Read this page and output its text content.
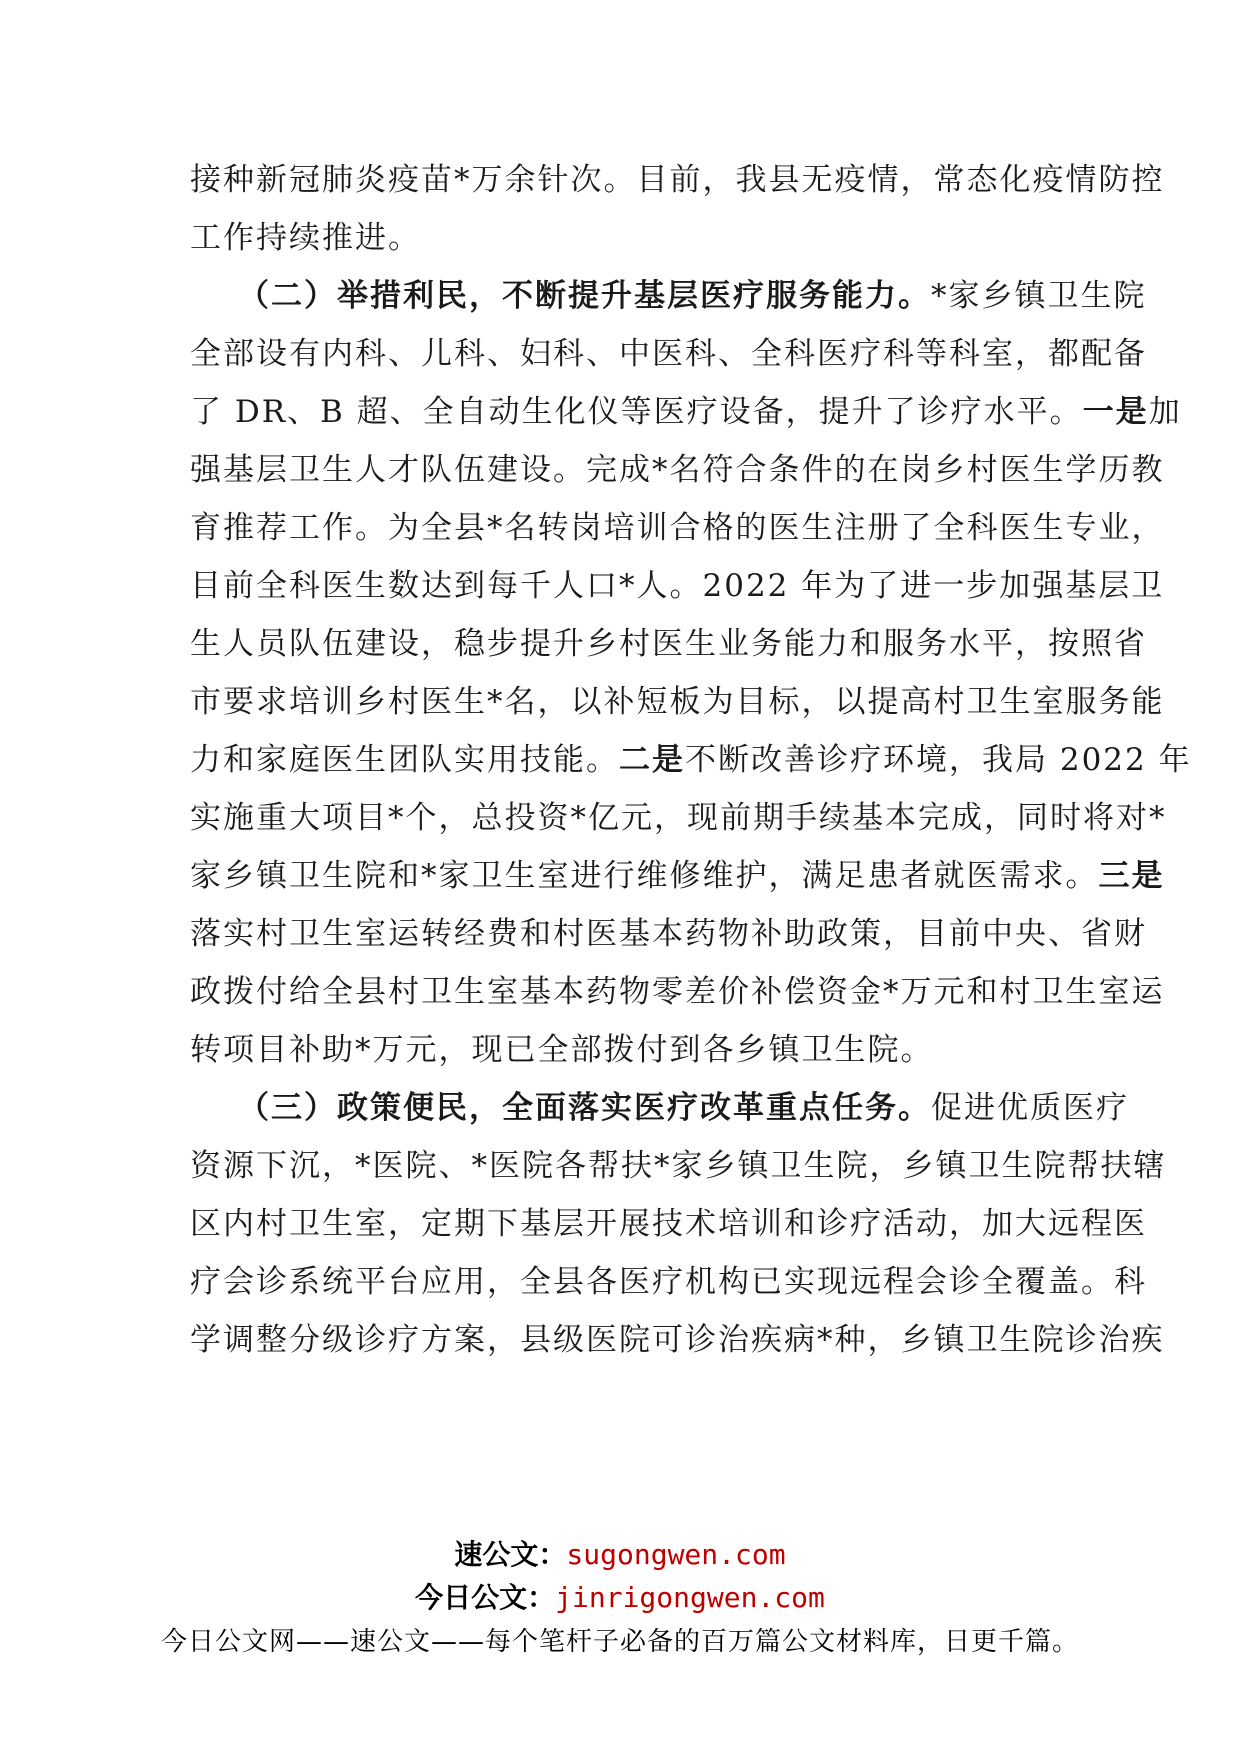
接种新冠肺炎疫苗*万余针次。目前，我县无疫情，常态化疫情防控
工作持续推进。
（二）举措利民，不断提升基层医疗服务能力。*家乡镇卫生院
全部设有内科、儿科、妇科、中医科、全科医疗科等科室，都配备
了 DR、B 超、全自动生化仪等医疗设备，提升了诊疗水平。一是加
强基层卫生人才队伍建设。完成*名符合条件的在岗乡村医生学历教
育推荐工作。为全县*名转岗培训合格的医生注册了全科医生专业，
目前全科医生数达到每千人口*人。2022 年为了进一步加强基层卫
生人员队伍建设，稳步提升乡村医生业务能力和服务水平，按照省
市要求培训乡村医生*名，以补短板为目标，以提高村卫生室服务能
力和家庭医生团队实用技能。二是不断改善诊疗环境，我局 2022 年
实施重大项目*个，总投资*亿元，现前期手续基本完成，同时将对*
家乡镇卫生院和*家卫生室进行维修维护，满足患者就医需求。三是
落实村卫生室运转经费和村医基本药物补助政策，目前中央、省财
政拨付给全县村卫生室基本药物零差价补偿资金*万元和村卫生室运
转项目补助*万元，现已全部拨付到各乡镇卫生院。
（三）政策便民，全面落实医疗改革重点任务。促进优质医疗
资源下沉，*医院、*医院各帮扶*家乡镇卫生院，乡镇卫生院帮扶辖
区内村卫生室，定期下基层开展技术培训和诊疗活动，加大远程医
疗会诊系统平台应用，全县各医疗机构已实现远程会诊全覆盖。科
学调整分级诊疗方案，县级医院可诊治疾病*种，乡镇卫生院诊治疾
速公文：sugongwen.com
今日公文：jinrigongwen.com
今日公文网——速公文——每个笔杆子必备的百万篇公文材料库，日更千篇。
